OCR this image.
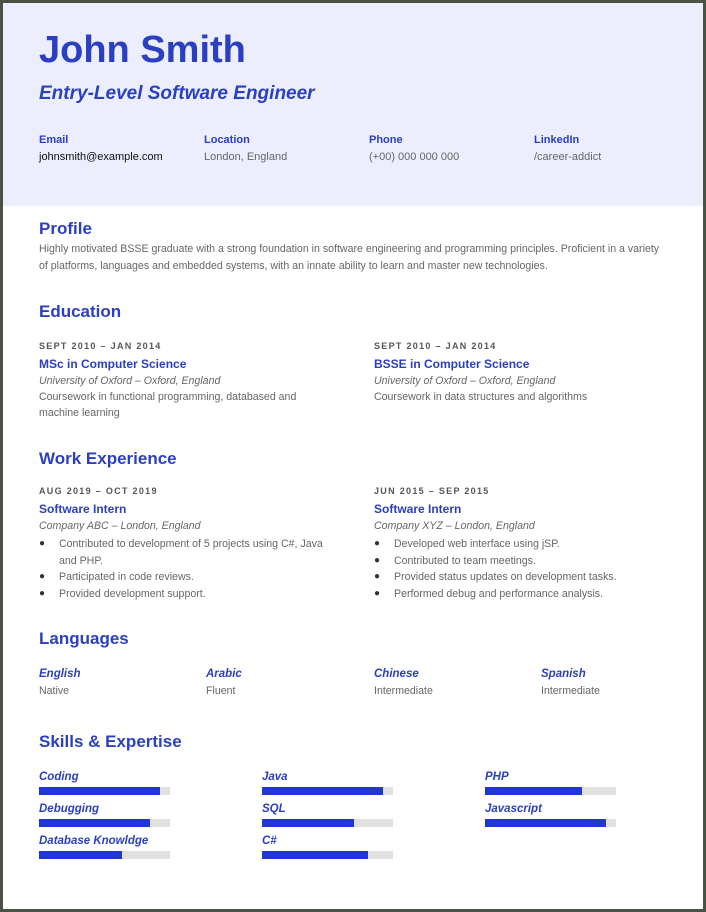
John Smith
Entry-Level Software Engineer
Email
johnsmith@example.com
Location
London, England
Phone
(+00) 000 000 000
LinkedIn
/career-addict
Profile
Highly motivated BSSE graduate with a strong foundation in software engineering and programming principles. Proficient in a variety of platforms, languages and embedded systems, with an innate ability to learn and master new technologies.
Education
SEPT 2010 – JAN 2014
MSc in Computer Science
University of Oxford – Oxford, England
Coursework in functional programming, databased and machine learning
SEPT 2010 – JAN 2014
BSSE in Computer Science
University of Oxford – Oxford, England
Coursework in data structures and algorithms
Work Experience
AUG 2019 – OCT 2019
Software Intern
Company ABC – London, England
● Contributed to development of 5 projects using C#, Java and PHP.
● Participated in code reviews.
● Provided development support.
JUN 2015 – SEP 2015
Software Intern
Company XYZ – London, England
● Developed web interface using jSP.
● Contributed to team meetings.
● Provided status updates on development tasks.
● Performed debug and performance analysis.
Languages
English
Native
Arabic
Fluent
Chinese
Intermediate
Spanish
Intermediate
Skills & Expertise
Coding	Java	PHP
Debugging	SQL	Javascript
Database Knowldge	C#
